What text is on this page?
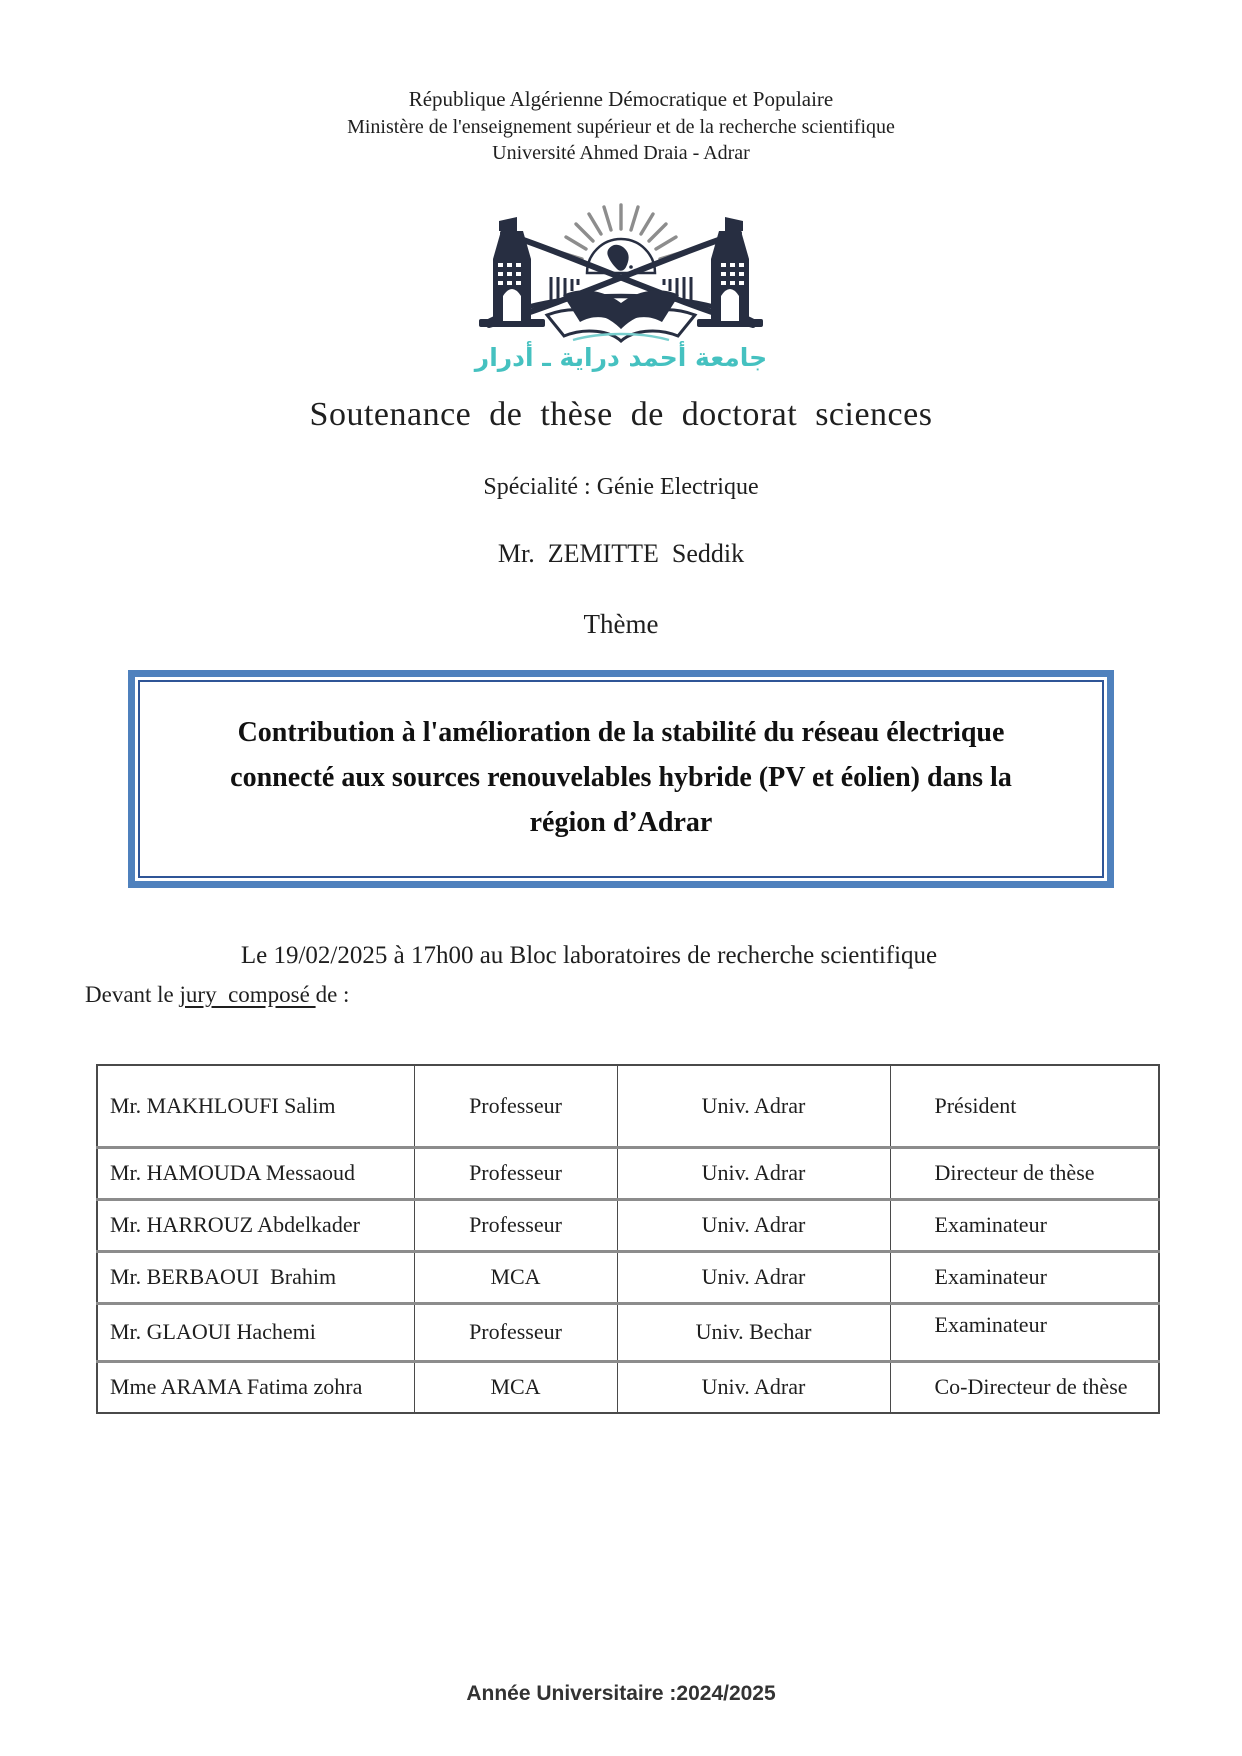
République Algérienne Démocratique et Populaire
Ministère de l'enseignement supérieur et de la recherche scientifique
Université Ahmed Draia - Adrar
جامعة أحمد دراية ـ أدرار
Soutenance de thèse de doctorat sciences
Spécialité : Génie Electrique
Mr.  ZEMITTE  Seddik
Thème
Contribution à l'amélioration de la stabilité du réseau électrique
connecté aux sources renouvelables hybride (PV et éolien) dans la
région d’Adrar
Le 19/02/2025 à 17h00 au Bloc laboratoires de recherche scientifique
Devant le jury  composé de :
Mr. MAKHLOUFI Salim	Professeur	Univ. Adrar	Président
Mr. HAMOUDA Messaoud	Professeur	Univ. Adrar	Directeur de thèse
Mr. HARROUZ Abdelkader	Professeur	Univ. Adrar	Examinateur
Mr. BERBAOUI  Brahim	MCA	Univ. Adrar	Examinateur
Mr. GLAOUI Hachemi	Professeur	Univ. Bechar	Examinateur
Mme ARAMA Fatima zohra	MCA	Univ. Adrar	Co-Directeur de thèse
Année Universitaire :2024/2025
